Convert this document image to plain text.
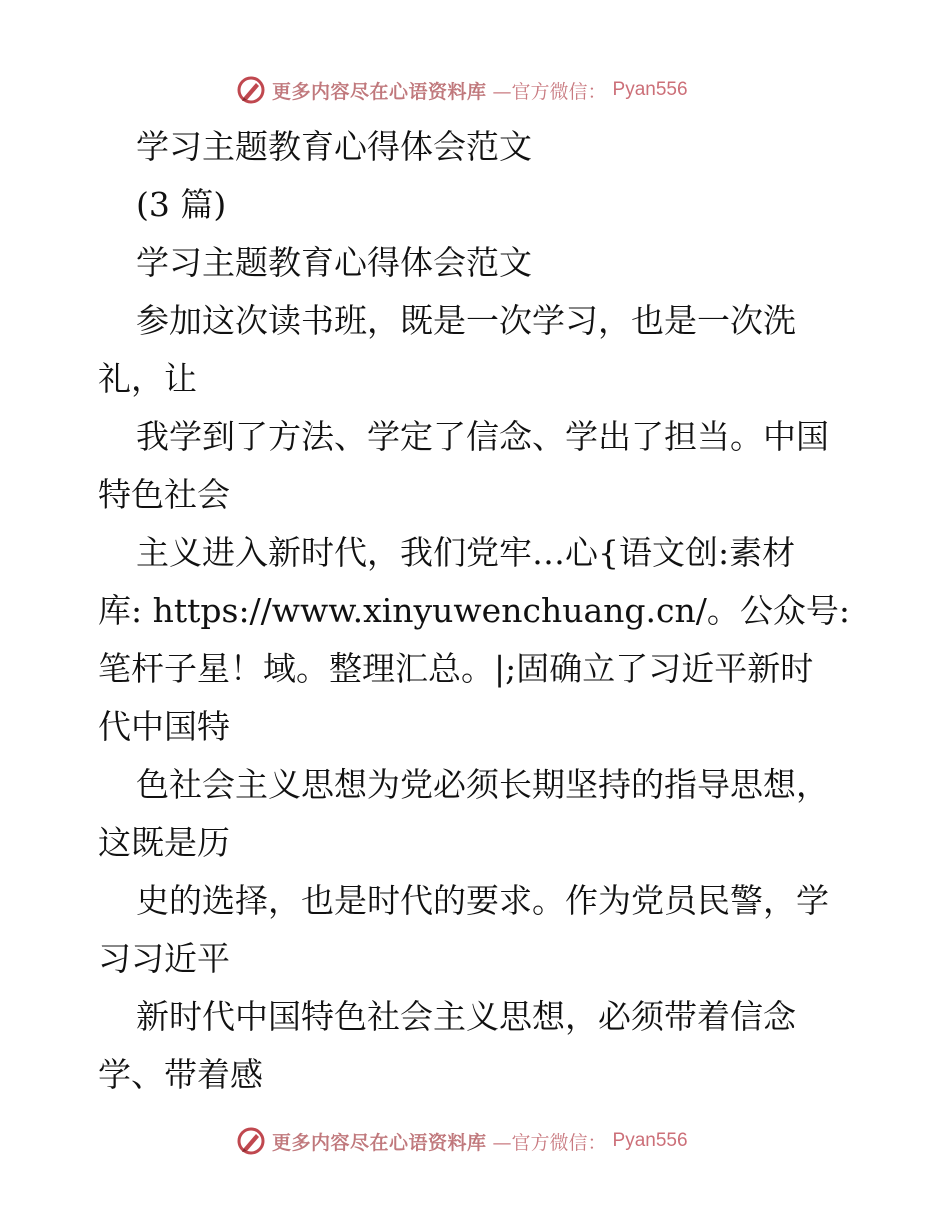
更多内容尽在心语资料库 —官方微信： Pyan556
学习主题教育心得体会范文
(3 篇)
学习主题教育心得体会范文
参加这次读书班，既是一次学习，也是一次洗
礼，让
我学到了方法、学定了信念、学出了担当。中国
特色社会
主义进入新时代，我们党牢…心{语文创:素材
库: https://www.xinyuwenchuang.cn/。公众号:
笔杆子星！域。整理汇总。|;固确立了习近平新时
代中国特
色社会主义思想为党必须长期坚持的指导思想，
这既是历
史的选择，也是时代的要求。作为党员民警，学
习习近平
新时代中国特色社会主义思想，必须带着信念
学、带着感
更多内容尽在心语资料库 —官方微信： Pyan556
